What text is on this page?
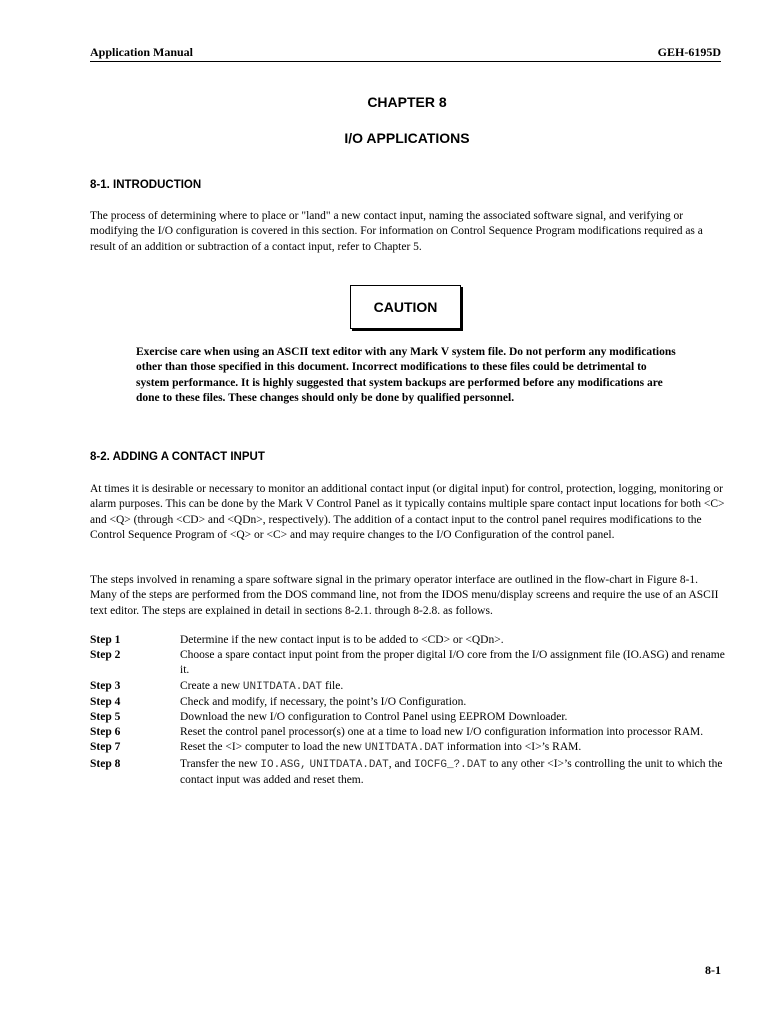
Application Manual	GEH-6195D
CHAPTER 8
I/O APPLICATIONS
8-1. INTRODUCTION

The process of determining where to place or "land" a new contact input, naming the associated software signal, and verifying or modifying the I/O configuration is covered in this section. For information on Control Sequence Program modifications required as a result of an addition or subtraction of a contact input, refer to Chapter 5.

CAUTION

Exercise care when using an ASCII text editor with any Mark V system file. Do not perform any modifications other than those specified in this document. Incorrect modifications to these files could be detrimental to system performance. It is highly suggested that system backups are performed before any modifications are done to these files. These changes should only be done by qualified personnel.

8-2. ADDING A CONTACT INPUT

At times it is desirable or necessary to monitor an additional contact input (or digital input) for control, protection, logging, monitoring or alarm purposes. This can be done by the Mark V Control Panel as it typically contains multiple spare contact input locations for both <C> and <Q> (through <CD> and <QDn>, respectively). The addition of a contact input to the control panel requires modifications to the Control Sequence Program of <Q> or <C> and may require changes to the I/O Configuration of the control panel.

The steps involved in renaming a spare software signal in the primary operator interface are outlined in the flow-chart in Figure 8-1. Many of the steps are performed from the DOS command line, not from the IDOS menu/display screens and require the use of an ASCII text editor. The steps are explained in detail in sections 8-2.1. through 8-2.8. as follows.

Step 1	Determine if the new contact input is to be added to <CD> or <QDn>.
Step 2	Choose a spare contact input point from the proper digital I/O core from the I/O assignment file (IO.ASG) and rename it.
Step 3	Create a new UNITDATA.DAT file.
Step 4	Check and modify, if necessary, the point’s I/O Configuration.
Step 5	Download the new I/O configuration to Control Panel using EEPROM Downloader.
Step 6	Reset the control panel processor(s) one at a time to load new I/O configuration information into processor RAM.
Step 7	Reset the <I> computer to load the new UNITDATA.DAT information into <I>’s RAM.
Step 8	Transfer the new IO.ASG, UNITDATA.DAT, and IOCFG_?.DAT to any other <I>’s controlling the unit to which the contact input was added and reset them.
8-1
